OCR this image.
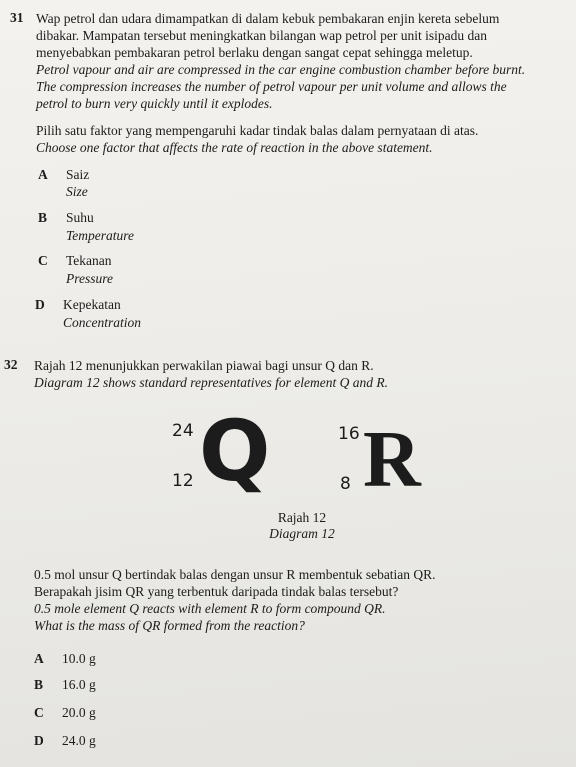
31 Wap petrol dan udara dimampatkan di dalam kebuk pembakaran enjin kereta sebelum
dibakar. Mampatan tersebut meningkatkan bilangan wap petrol per unit isipadu dan
menyebabkan pembakaran petrol berlaku dengan sangat cepat sehingga meletup.
Petrol vapour and air are compressed in the car engine combustion chamber before burnt.
The compression increases the number of petrol vapour per unit volume and allows the
petrol to burn very quickly until it explodes.
Pilih satu faktor yang mempengaruhi kadar tindak balas dalam pernyataan di atas.
Choose one factor that affects the rate of reaction in the above statement.
A	Saiz
Size
B	Suhu
Temperature
C	Tekanan
Pressure
D	Kepekatan
Concentration
32 Rajah 12 menunjukkan perwakilan piawai bagi unsur Q dan R.
Diagram 12 shows standard representatives for element Q and R.
24
12 Q	16
8 R
Rajah 12
Diagram 12
0.5 mol unsur Q bertindak balas dengan unsur R membentuk sebatian QR.
Berapakah jisim QR yang terbentuk daripada tindak balas tersebut?
0.5 mole element Q reacts with element R to form compound QR.
What is the mass of QR formed from the reaction?
A	10.0 g
B	16.0 g
C	20.0 g
D	24.0 g
